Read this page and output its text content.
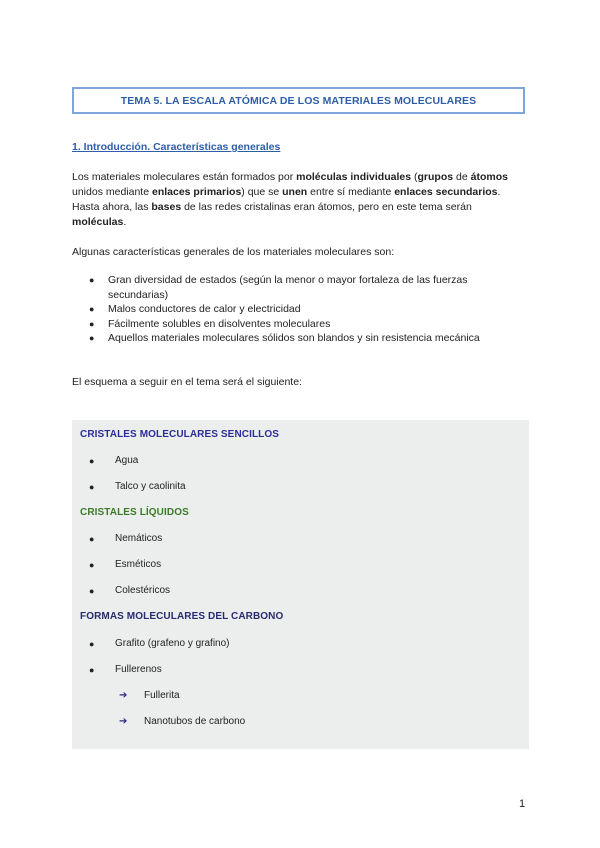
TEMA 5. LA ESCALA ATÓMICA DE LOS MATERIALES MOLECULARES
1. Introducción. Características generales

Los materiales moleculares están formados por moléculas individuales (grupos de átomos unidos mediante enlaces primarios) que se unen entre sí mediante enlaces secundarios. Hasta ahora, las bases de las redes cristalinas eran átomos, pero en este tema serán moléculas.

Algunas características generales de los materiales moleculares son:

● Gran diversidad de estados (según la menor o mayor fortaleza de las fuerzas secundarias)
● Malos conductores de calor y electricidad
● Fácilmente solubles en disolventes moleculares
● Aquellos materiales moleculares sólidos son blandos y sin resistencia mecánica

El esquema a seguir en el tema será el siguiente:

CRISTALES MOLECULARES SENCILLOS
●	Agua
●	Talco y caolinita
CRISTALES LÍQUIDOS
●	Nemáticos
●	Esméticos
●	Colestéricos
FORMAS MOLECULARES DEL CARBONO
●	Grafito (grafeno y grafino)
●	Fullerenos
➔	Fullerita
➔	Nanotubos de carbono
1
